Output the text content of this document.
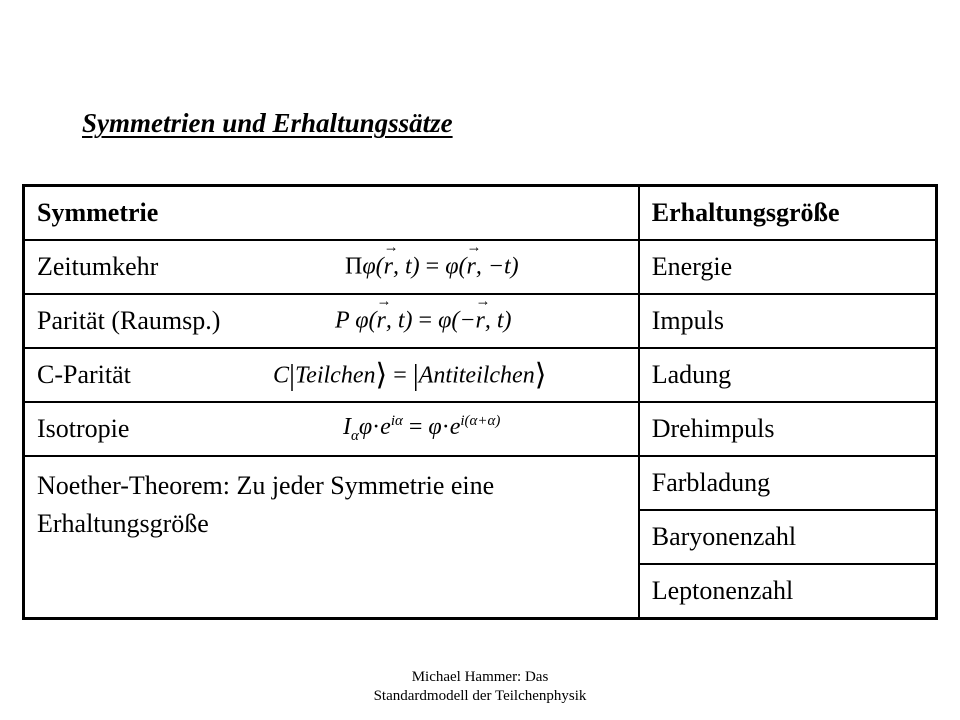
Symmetrien und Erhaltungssätze
Symmetrie	Erhaltungsgröße
Zeitumkehr Πφ(→ r, t) = φ(→ r, −t)	Energie
Parität (Raumsp.) P φ(→ r, t) = φ(−→ r, t)	Impuls
C-Parität C|Teilchen⟩ = |Antiteilchen⟩	Ladung
Isotropie $I_\alpha\varphi\cdot e^{i\alpha} = \varphi\cdot e^{i(\alpha+\alpha)}$	Drehimpuls
Noether-Theorem: Zu jeder Symmetrie eine Erhaltungsgröße	Farbladung
	Baryonenzahl
	Leptonenzahl
Michael Hammer: Das
Standardmodell der Teilchenphysik
